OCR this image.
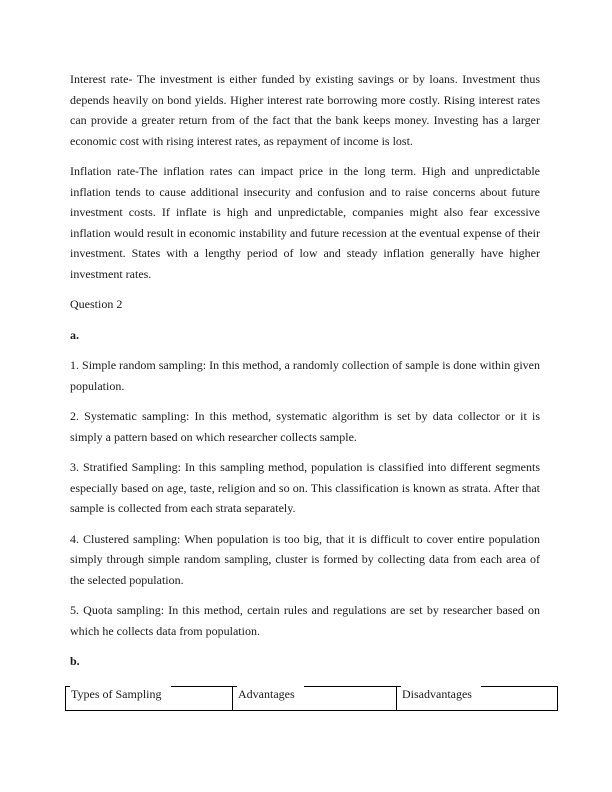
Interest rate- The investment is either funded by existing savings or by loans. Investment thus depends heavily on bond yields. Higher interest rate borrowing more costly. Rising interest rates can provide a greater return from of the fact that the bank keeps money. Investing has a larger economic cost with rising interest rates, as repayment of income is lost.

Inflation rate-The inflation rates can impact price in the long term. High and unpredictable inflation tends to cause additional insecurity and confusion and to raise concerns about future investment costs. If inflate is high and unpredictable, companies might also fear excessive inflation would result in economic instability and future recession at the eventual expense of their investment. States with a lengthy period of low and steady inflation generally have higher investment rates.

Question 2

a.

1. Simple random sampling: In this method, a randomly collection of sample is done within given population.

2. Systematic sampling: In this method, systematic algorithm is set by data collector or it is simply a pattern based on which researcher collects sample.

3. Stratified Sampling: In this sampling method, population is classified into different segments especially based on age, taste, religion and so on. This classification is known as strata. After that sample is collected from each strata separately.

4. Clustered sampling: When population is too big, that it is difficult to cover entire population simply through simple random sampling, cluster is formed by collecting data from each area of the selected population.

5. Quota sampling: In this method, certain rules and regulations are set by researcher based on which he collects data from population.

b.

Types of Sampling	Advantages	Disadvantages
